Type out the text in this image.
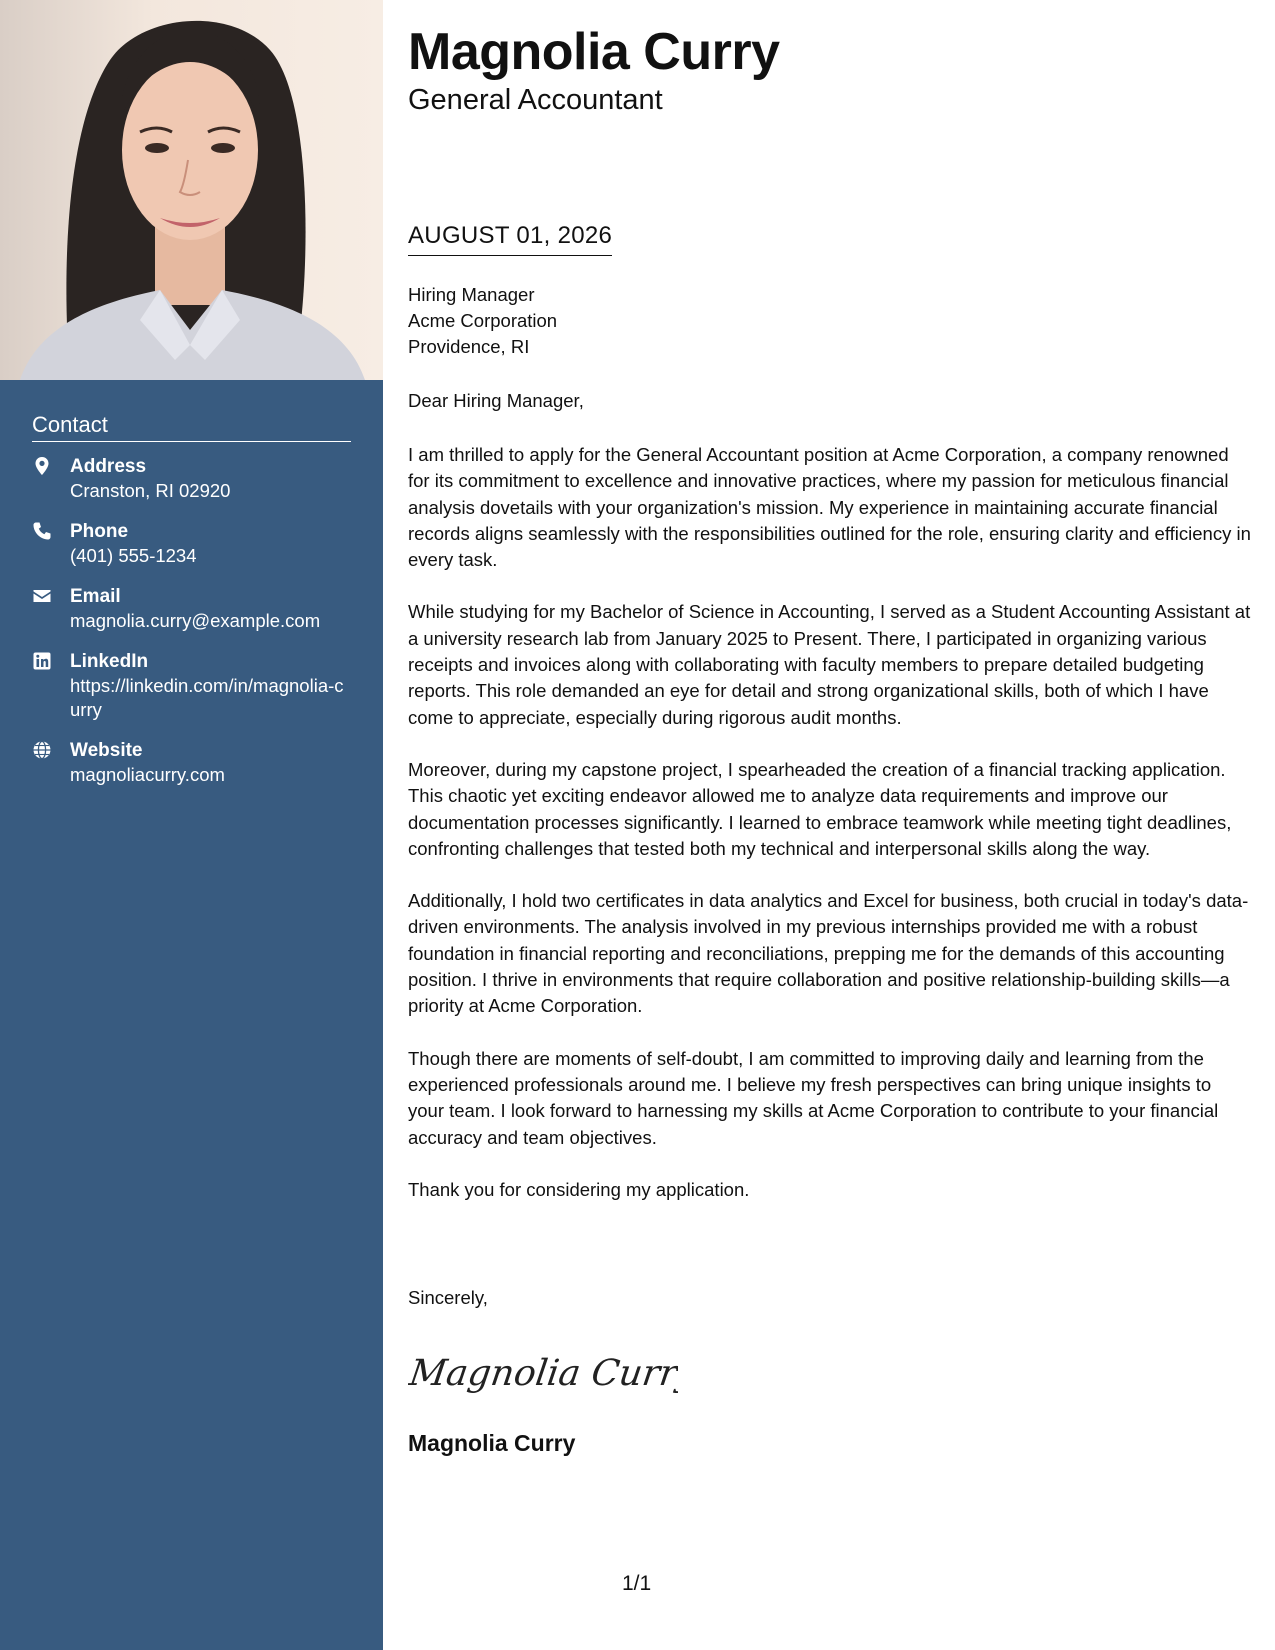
Contact
Address
Cranston, RI 02920
Phone
(401) 555-1234
Email
magnolia.curry@example.com
LinkedIn
https://linkedin.com/in/magnolia-curry
Website
magnoliacurry.com
Magnolia Curry
General Accountant
AUGUST 01, 2026
Hiring Manager
Acme Corporation
Providence, RI
Dear Hiring Manager,

I am thrilled to apply for the General Accountant position at Acme Corporation, a company renowned for its commitment to excellence and innovative practices, where my passion for meticulous financial analysis dovetails with your organization's mission. My experience in maintaining accurate financial records aligns seamlessly with the responsibilities outlined for the role, ensuring clarity and efficiency in every task.

While studying for my Bachelor of Science in Accounting, I served as a Student Accounting Assistant at a university research lab from January 2025 to Present. There, I participated in organizing various receipts and invoices along with collaborating with faculty members to prepare detailed budgeting reports. This role demanded an eye for detail and strong organizational skills, both of which I have come to appreciate, especially during rigorous audit months.

Moreover, during my capstone project, I spearheaded the creation of a financial tracking application. This chaotic yet exciting endeavor allowed me to analyze data requirements and improve our documentation processes significantly. I learned to embrace teamwork while meeting tight deadlines, confronting challenges that tested both my technical and interpersonal skills along the way.

Additionally, I hold two certificates in data analytics and Excel for business, both crucial in today's data-driven environments. The analysis involved in my previous internships provided me with a robust foundation in financial reporting and reconciliations, prepping me for the demands of this accounting position. I thrive in environments that require collaboration and positive relationship-building skills—a priority at Acme Corporation.

Though there are moments of self-doubt, I am committed to improving daily and learning from the experienced professionals around me. I believe my fresh perspectives can bring unique insights to your team. I look forward to harnessing my skills at Acme Corporation to contribute to your financial accuracy and team objectives.

Thank you for considering my application.

Sincerely,
Magnolia Curry
Magnolia Curry
1/1
